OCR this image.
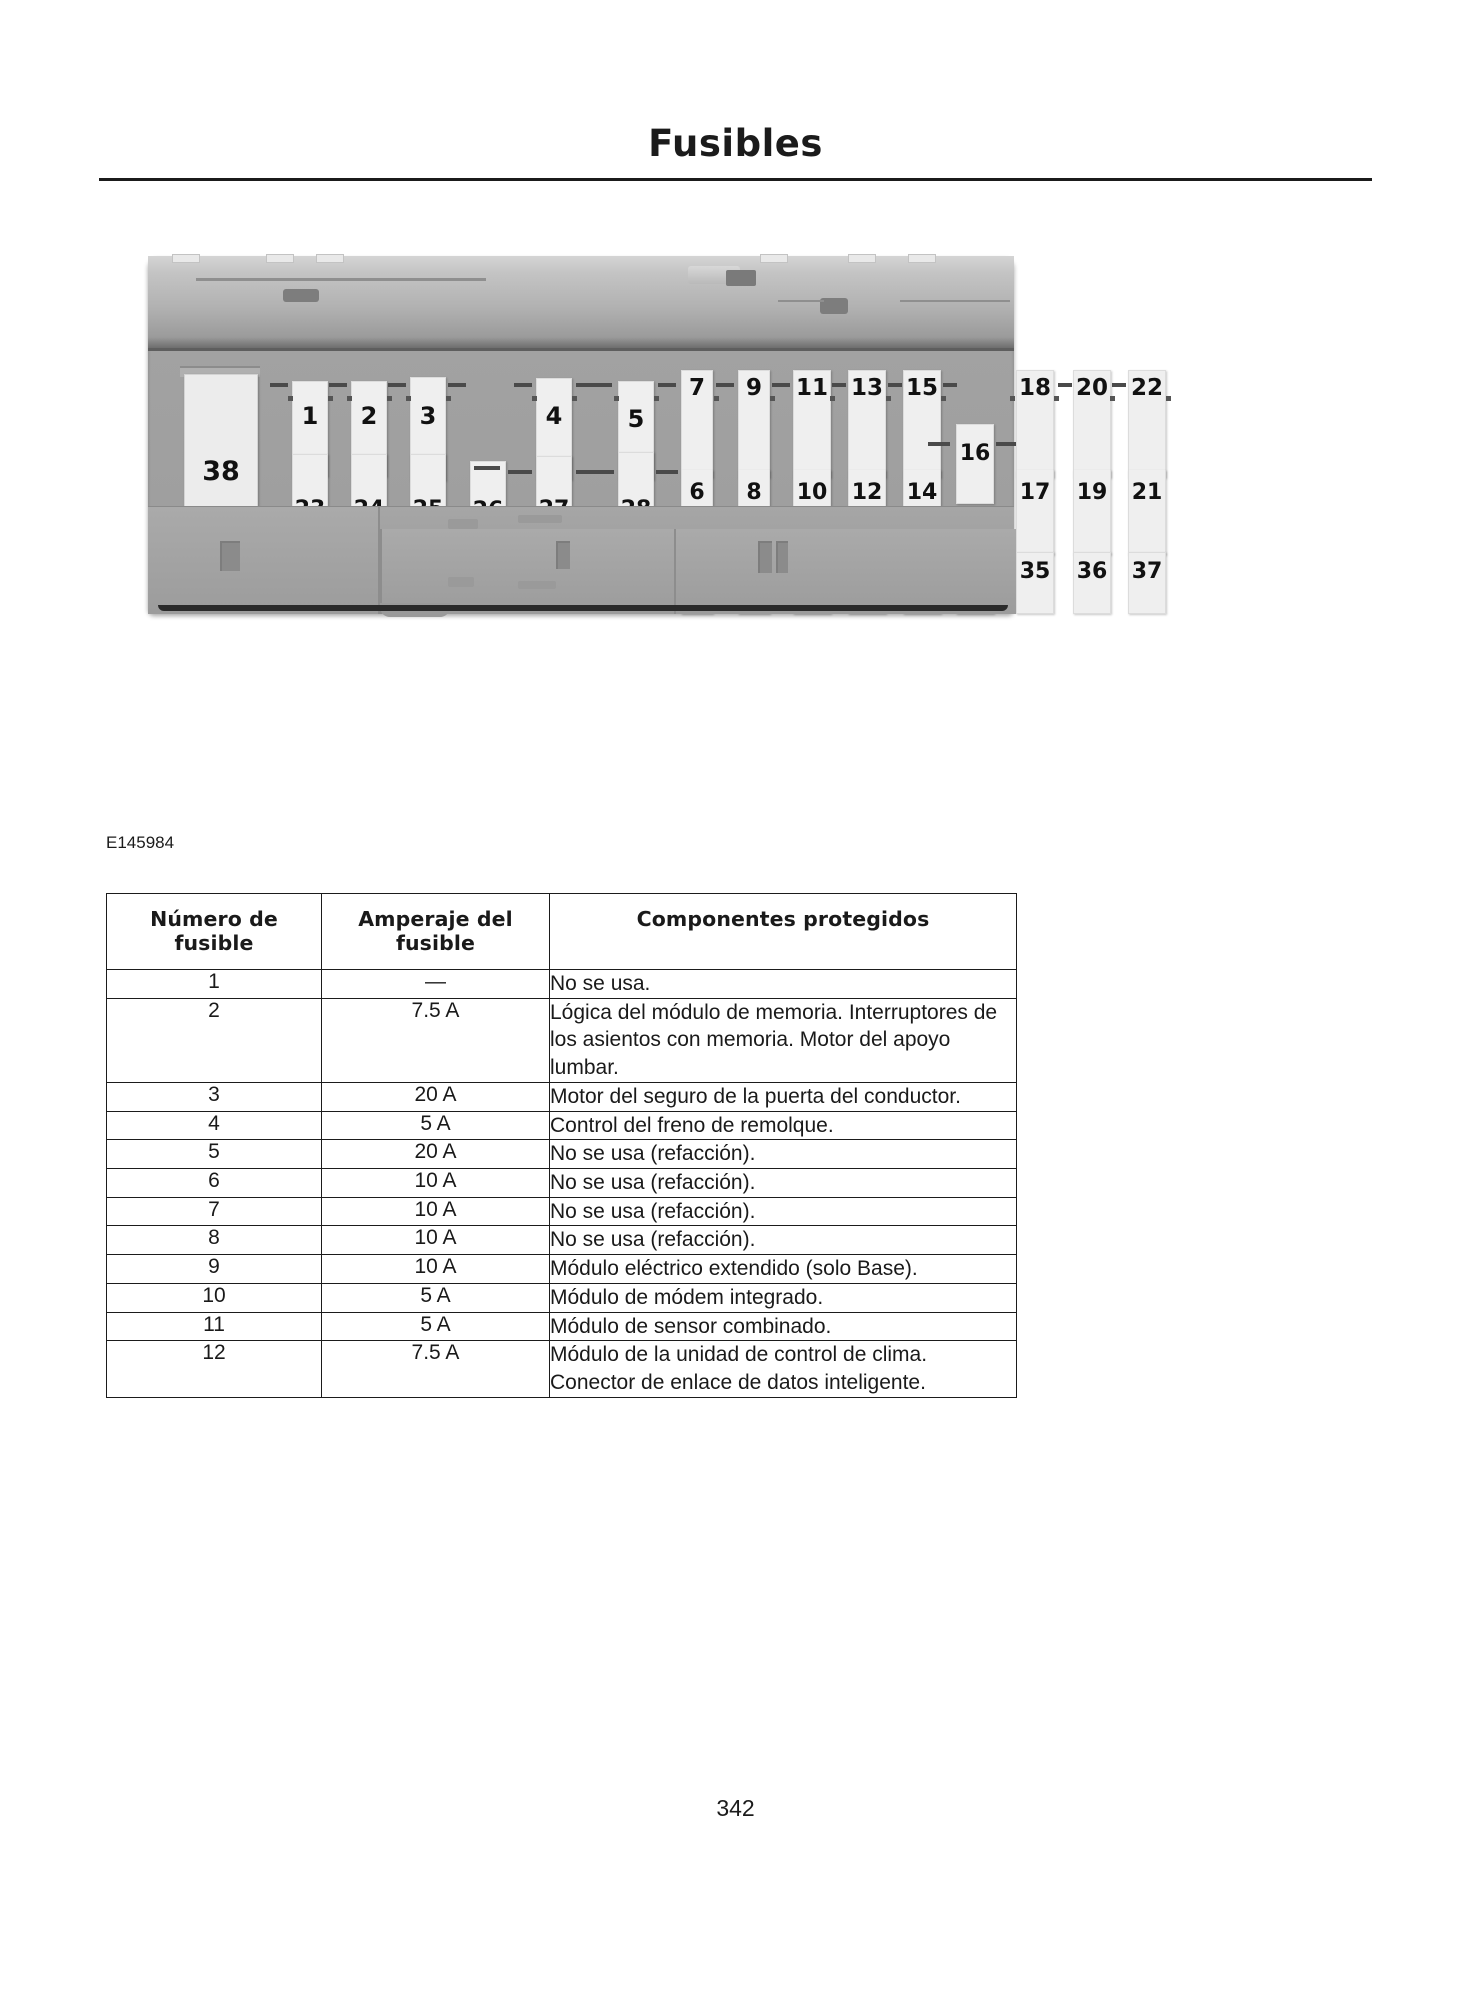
Fusibles
38
1	2	3	4	5
7
6
9
8
11
10
13
12
15
14
16
18
17
35
20
19
36
22
21
37
E145984
Número de fusible	Amperaje del fusible	Componentes protegidos
1	—	No se usa.
2	7.5 A	Lógica del módulo de memoria. Interruptores de los asientos con memoria. Motor del apoyo lumbar.
3	20 A	Motor del seguro de la puerta del conductor.
4	5 A	Control del freno de remolque.
5	20 A	No se usa (refacción).
6	10 A	No se usa (refacción).
7	10 A	No se usa (refacción).
8	10 A	No se usa (refacción).
9	10 A	Módulo eléctrico extendido (solo Base).
10	5 A	Módulo de módem integrado.
11	5 A	Módulo de sensor combinado.
12	7.5 A	Módulo de la unidad de control de clima. Conector de enlace de datos inteligente.
342
